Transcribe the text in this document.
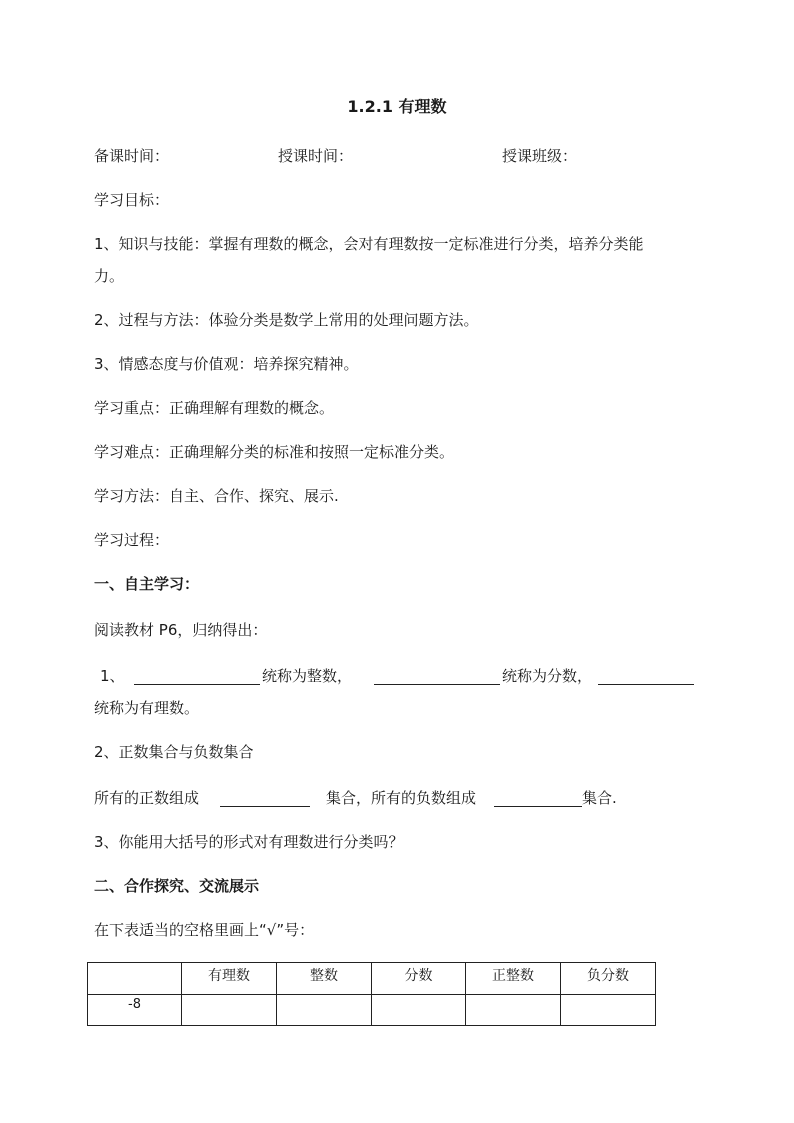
1.2.1 有理数
备课时间：	授课时间：	授课班级：
学习目标：
1、知识与技能：掌握有理数的概念，会对有理数按一定标准进行分类，培养分类能
力。
2、过程与方法：体验分类是数学上常用的处理问题方法。
3、情感态度与价值观：培养探究精神。
学习重点：正确理解有理数的概念。
学习难点：正确理解分类的标准和按照一定标准分类。
学习方法：自主、合作、探究、展示.
学习过程：
一、自主学习：
阅读教材 P6，归纳得出：
1、	统称为整数，	统称为分数，
统称为有理数。
2、正数集合与负数集合
所有的正数组成	集合，所有的负数组成	集合.
3、你能用大括号的形式对有理数进行分类吗？
二、合作探究、交流展示
在下表适当的空格里画上“√”号：
	有理数	整数	分数	正整数	负分数
-8					
